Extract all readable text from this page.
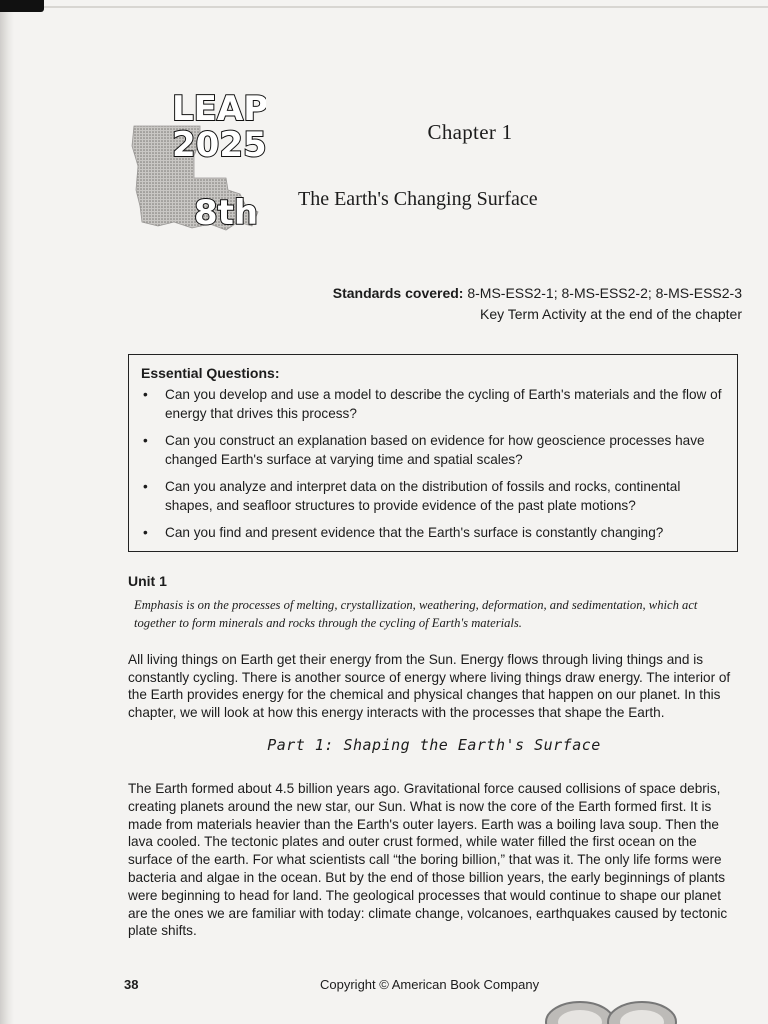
LEAP
2025
8th
Chapter 1
The Earth's Changing Surface
Standards covered: 8-MS-ESS2-1; 8-MS-ESS2-2; 8-MS-ESS2-3
Key Term Activity at the end of the chapter
Essential Questions:
• Can you develop and use a model to describe the cycling of Earth's materials and the flow of energy that drives this process?
• Can you construct an explanation based on evidence for how geoscience processes have changed Earth's surface at varying time and spatial scales?
• Can you analyze and interpret data on the distribution of fossils and rocks, continental shapes, and seafloor structures to provide evidence of the past plate motions?
• Can you find and present evidence that the Earth's surface is constantly changing?
Unit 1
Emphasis is on the processes of melting, crystallization, weathering, deformation, and sedimentation, which act together to form minerals and rocks through the cycling of Earth's materials.
All living things on Earth get their energy from the Sun. Energy flows through living things and is constantly cycling. There is another source of energy where living things draw energy. The interior of the Earth provides energy for the chemical and physical changes that happen on our planet. In this chapter, we will look at how this energy interacts with the processes that shape the Earth.
Part 1: Shaping the Earth's Surface
The Earth formed about 4.5 billion years ago. Gravitational force caused collisions of space debris, creating planets around the new star, our Sun. What is now the core of the Earth formed first. It is made from materials heavier than the Earth's outer layers. Earth was a boiling lava soup. Then the lava cooled. The tectonic plates and outer crust formed, while water filled the first ocean on the surface of the earth. For what scientists call “the boring billion,” that was it. The only life forms were bacteria and algae in the ocean. But by the end of those billion years, the early beginnings of plants were beginning to head for land. The geological processes that would continue to shape our planet are the ones we are familiar with today: climate change, volcanoes, earthquakes caused by tectonic plate shifts.
38	Copyright © American Book Company
